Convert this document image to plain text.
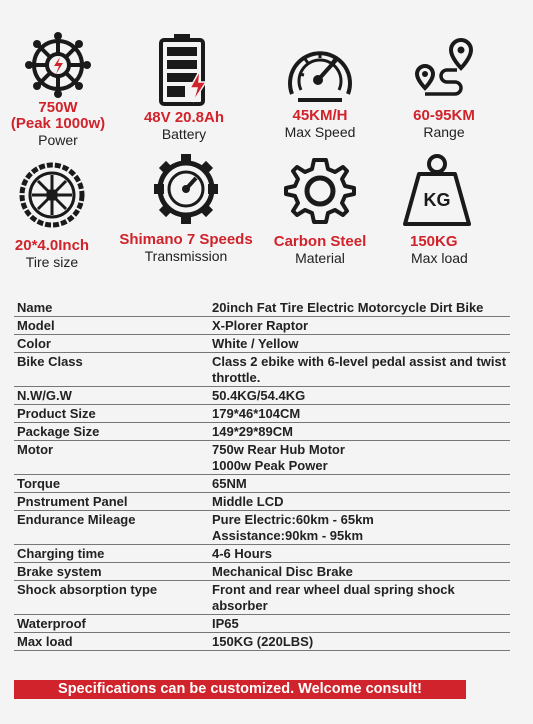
750W
(Peak 1000w)
Power
48V 20.8Ah
Battery
45KM/H
Max Speed
60-95KM
Range
20*4.0Inch
Tire size
Shimano 7 Speeds
Transmission
Carbon Steel
Material
KG
150KG
Max load
Name	20inch Fat Tire Electric Motorcycle Dirt Bike
Model	X-Plorer Raptor
Color	White / Yellow
Bike Class	Class 2 ebike with 6-level pedal assist and twist throttle.
N.W/G.W	50.4KG/54.4KG
Product Size	179*46*104CM
Package Size	149*29*89CM
Motor	750w Rear Hub Motor
1000w Peak Power
Torque	65NM
Pnstrument Panel	Middle LCD
Endurance Mileage	Pure Electric:60km - 65km
Assistance:90km - 95km
Charging time	4-6 Hours
Brake system	Mechanical Disc Brake
Shock absorption type	Front and rear wheel dual spring shock absorber
Waterproof	IP65
Max load	150KG (220LBS)
Specifications can be customized. Welcome consult!
